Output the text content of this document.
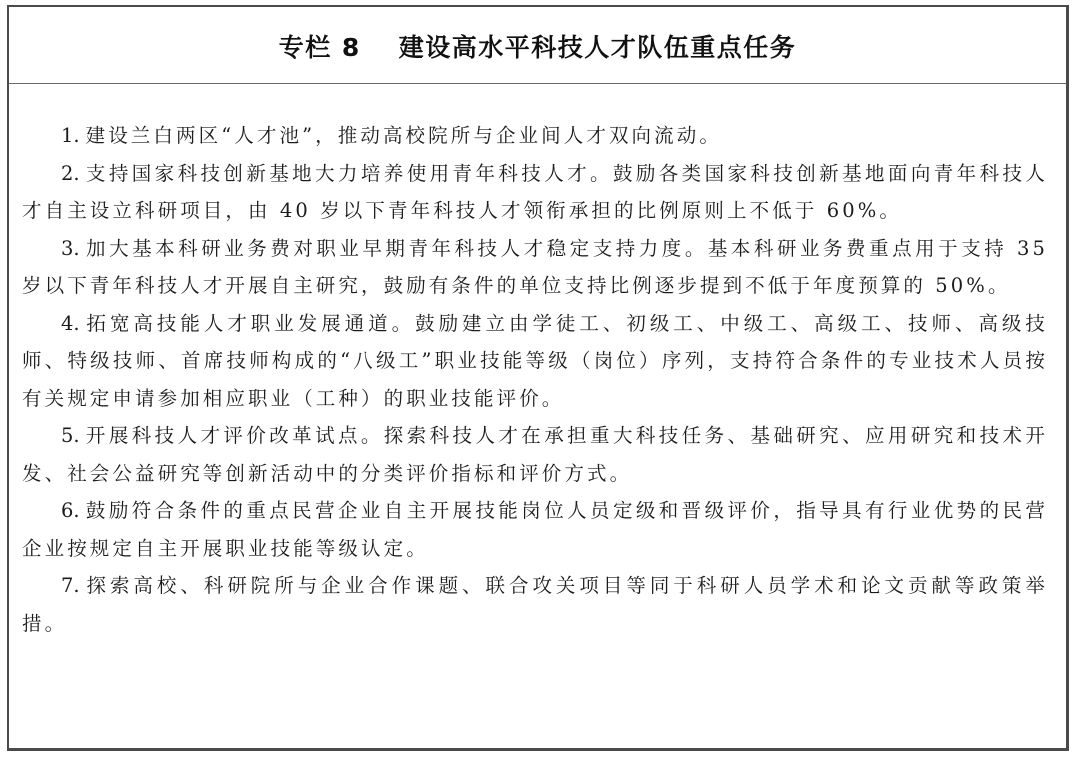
专栏 8 建设高水平科技人才队伍重点任务

1. 建设兰白两区“人才池”，推动高校院所与企业间人才双向流动。

2. 支持国家科技创新基地大力培养使用青年科技人才。鼓励各类国家科技创新基地面向青年科技人才自主设立科研项目，由 40 岁以下青年科技人才领衔承担的比例原则上不低于 60%。

3. 加大基本科研业务费对职业早期青年科技人才稳定支持力度。基本科研业务费重点用于支持 35 岁以下青年科技人才开展自主研究，鼓励有条件的单位支持比例逐步提到不低于年度预算的 50%。

4. 拓宽高技能人才职业发展通道。鼓励建立由学徒工、初级工、中级工、高级工、技师、高级技师、特级技师、首席技师构成的“八级工”职业技能等级（岗位）序列，支持符合条件的专业技术人员按有关规定申请参加相应职业（工种）的职业技能评价。

5. 开展科技人才评价改革试点。探索科技人才在承担重大科技任务、基础研究、应用研究和技术开发、社会公益研究等创新活动中的分类评价指标和评价方式。

6. 鼓励符合条件的重点民营企业自主开展技能岗位人员定级和晋级评价，指导具有行业优势的民营企业按规定自主开展职业技能等级认定。

7. 探索高校、科研院所与企业合作课题、联合攻关项目等同于科研人员学术和论文贡献等政策举措。
